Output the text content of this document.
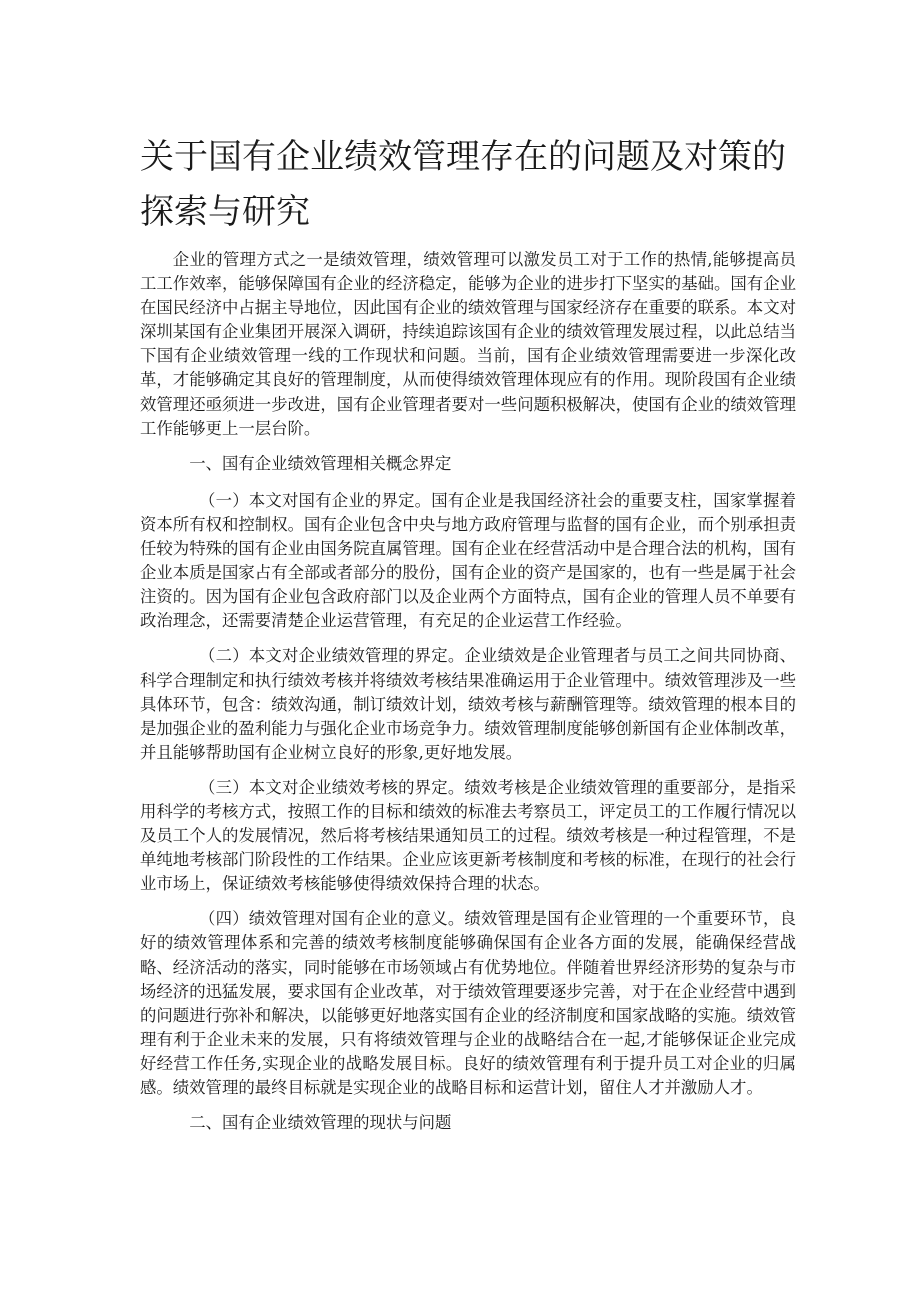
关于国有企业绩效管理存在的问题及对策的探索与研究

企业的管理方式之一是绩效管理，绩效管理可以激发员工对于工作的热情,能够提高员工工作效率，能够保障国有企业的经济稳定，能够为企业的进步打下坚实的基础。国有企业在国民经济中占据主导地位，因此国有企业的绩效管理与国家经济存在重要的联系。本文对深圳某国有企业集团开展深入调研，持续追踪该国有企业的绩效管理发展过程，以此总结当下国有企业绩效管理一线的工作现状和问题。当前，国有企业绩效管理需要进一步深化改革，才能够确定其良好的管理制度，从而使得绩效管理体现应有的作用。现阶段国有企业绩效管理还亟须进一步改进，国有企业管理者要对一些问题积极解决，使国有企业的绩效管理工作能够更上一层台阶。

一、国有企业绩效管理相关概念界定

（一）本文对国有企业的界定。国有企业是我国经济社会的重要支柱，国家掌握着资本所有权和控制权。国有企业包含中央与地方政府管理与监督的国有企业，而个别承担责任较为特殊的国有企业由国务院直属管理。国有企业在经营活动中是合理合法的机构，国有企业本质是国家占有全部或者部分的股份，国有企业的资产是国家的，也有一些是属于社会注资的。因为国有企业包含政府部门以及企业两个方面特点，国有企业的管理人员不单要有政治理念，还需要清楚企业运营管理，有充足的企业运营工作经验。

（二）本文对企业绩效管理的界定。企业绩效是企业管理者与员工之间共同协商、科学合理制定和执行绩效考核并将绩效考核结果准确运用于企业管理中。绩效管理涉及一些具体环节，包含：绩效沟通，制订绩效计划，绩效考核与薪酬管理等。绩效管理的根本目的是加强企业的盈利能力与强化企业市场竞争力。绩效管理制度能够创新国有企业体制改革，并且能够帮助国有企业树立良好的形象,更好地发展。

（三）本文对企业绩效考核的界定。绩效考核是企业绩效管理的重要部分，是指采用科学的考核方式，按照工作的目标和绩效的标准去考察员工，评定员工的工作履行情况以及员工个人的发展情况，然后将考核结果通知员工的过程。绩效考核是一种过程管理，不是单纯地考核部门阶段性的工作结果。企业应该更新考核制度和考核的标准，在现行的社会行业市场上，保证绩效考核能够使得绩效保持合理的状态。

（四）绩效管理对国有企业的意义。绩效管理是国有企业管理的一个重要环节，良好的绩效管理体系和完善的绩效考核制度能够确保国有企业各方面的发展，能确保经营战略、经济活动的落实，同时能够在市场领域占有优势地位。伴随着世界经济形势的复杂与市场经济的迅猛发展，要求国有企业改革，对于绩效管理要逐步完善，对于在企业经营中遇到的问题进行弥补和解决，以能够更好地落实国有企业的经济制度和国家战略的实施。绩效管理有利于企业未来的发展，只有将绩效管理与企业的战略结合在一起,才能够保证企业完成好经营工作任务,实现企业的战略发展目标。良好的绩效管理有利于提升员工对企业的归属感。绩效管理的最终目标就是实现企业的战略目标和运营计划，留住人才并激励人才。

二、国有企业绩效管理的现状与问题
